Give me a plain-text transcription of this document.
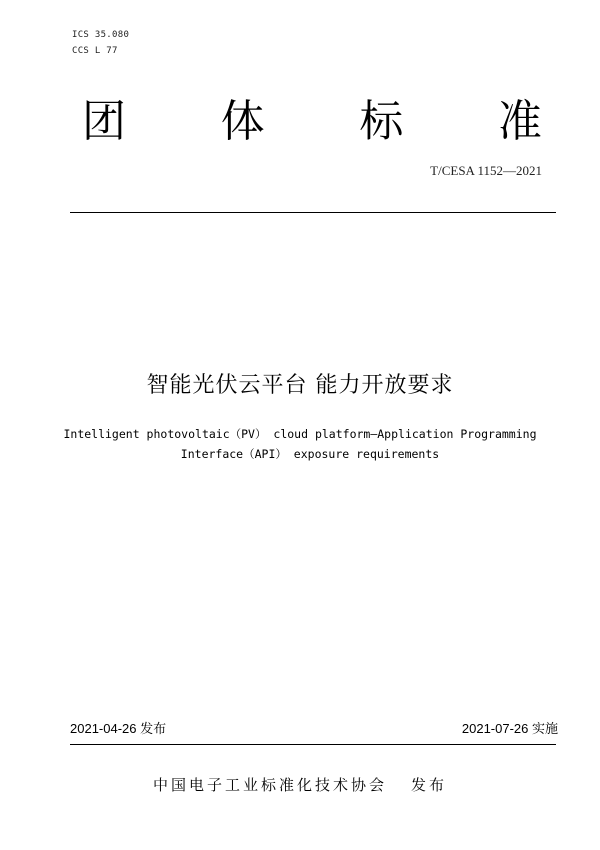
ICS 35.080
CCS L 77
团 体 标 准
T/CESA 1152—2021
智能光伏云平台 能力开放要求
Intelligent photovoltaic（PV） cloud platform—Application Programming
Interface（API） exposure requirements
2021-04-26 发布	2021-07-26 实施
中国电子工业标准化技术协会 发布
